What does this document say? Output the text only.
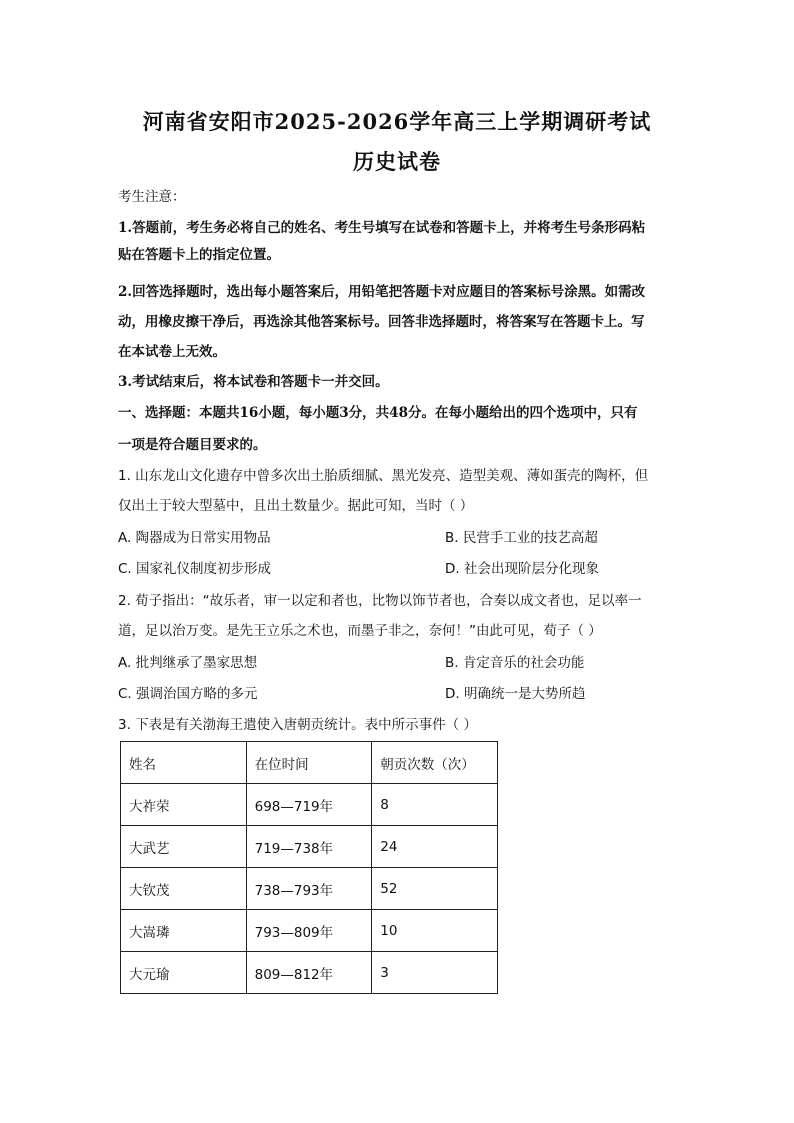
河南省安阳市2025-2026学年高三上学期调研考试
历史试卷
考生注意：
1.答题前，考生务必将自己的姓名、考生号填写在试卷和答题卡上，并将考生号条形码粘
贴在答题卡上的指定位置。
2.回答选择题时，选出每小题答案后，用铅笔把答题卡对应题目的答案标号涂黑。如需改
动，用橡皮擦干净后，再选涂其他答案标号。回答非选择题时，将答案写在答题卡上。写
在本试卷上无效。
3.考试结束后，将本试卷和答题卡一并交回。
一、选择题：本题共16小题，每小题3分，共48分。在每小题给出的四个选项中，只有
一项是符合题目要求的。
1. 山东龙山文化遗存中曾多次出土胎质细腻、黑光发亮、造型美观、薄如蛋壳的陶杯，但
仅出土于较大型墓中，且出土数量少。据此可知，当时（ ）
A. 陶器成为日常实用物品	B. 民营手工业的技艺高超
C. 国家礼仪制度初步形成	D. 社会出现阶层分化现象
2. 荀子指出：“故乐者，审一以定和者也，比物以饰节者也，合奏以成文者也，足以率一
道，足以治万变。是先王立乐之术也，而墨子非之，奈何！”由此可见，荀子（ ）
A. 批判继承了墨家思想	B. 肯定音乐的社会功能
C. 强调治国方略的多元	D. 明确统一是大势所趋
3. 下表是有关渤海王遣使入唐朝贡统计。表中所示事件（ ）
姓名	在位时间	朝贡次数（次）
大祚荣	698—719年	8
大武艺	719—738年	24
大钦茂	738—793年	52
大嵩璘	793—809年	10
大元瑜	809—812年	3
